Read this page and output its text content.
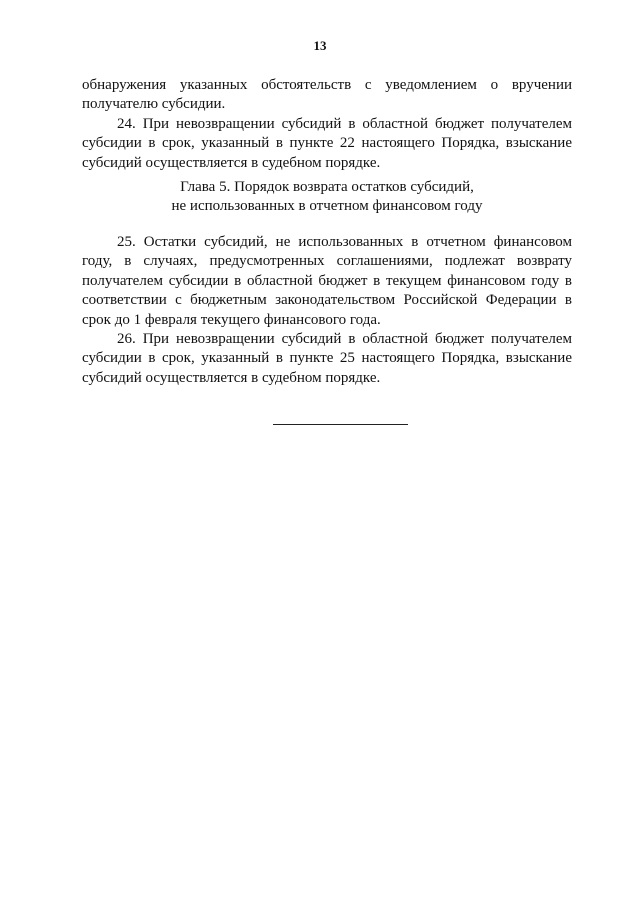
13

обнаружения указанных обстоятельств с уведомлением о вручении получателю субсидии.

24. При невозвращении субсидий в областной бюджет получателем субсидии в срок, указанный в пункте 22 настоящего Порядка, взыскание субсидий осуществляется в судебном порядке.

Глава 5. Порядок возврата остатков субсидий,
не использованных в отчетном финансовом году

25. Остатки субсидий, не использованных в отчетном финансовом году, в случаях, предусмотренных соглашениями, подлежат возврату получателем субсидии в областной бюджет в текущем финансовом году в соответствии с бюджетным законодательством Российской Федерации в срок до 1 февраля текущего финансового года.

26. При невозвращении субсидий в областной бюджет получателем субсидии в срок, указанный в пункте 25 настоящего Порядка, взыскание субсидий осуществляется в судебном порядке.
